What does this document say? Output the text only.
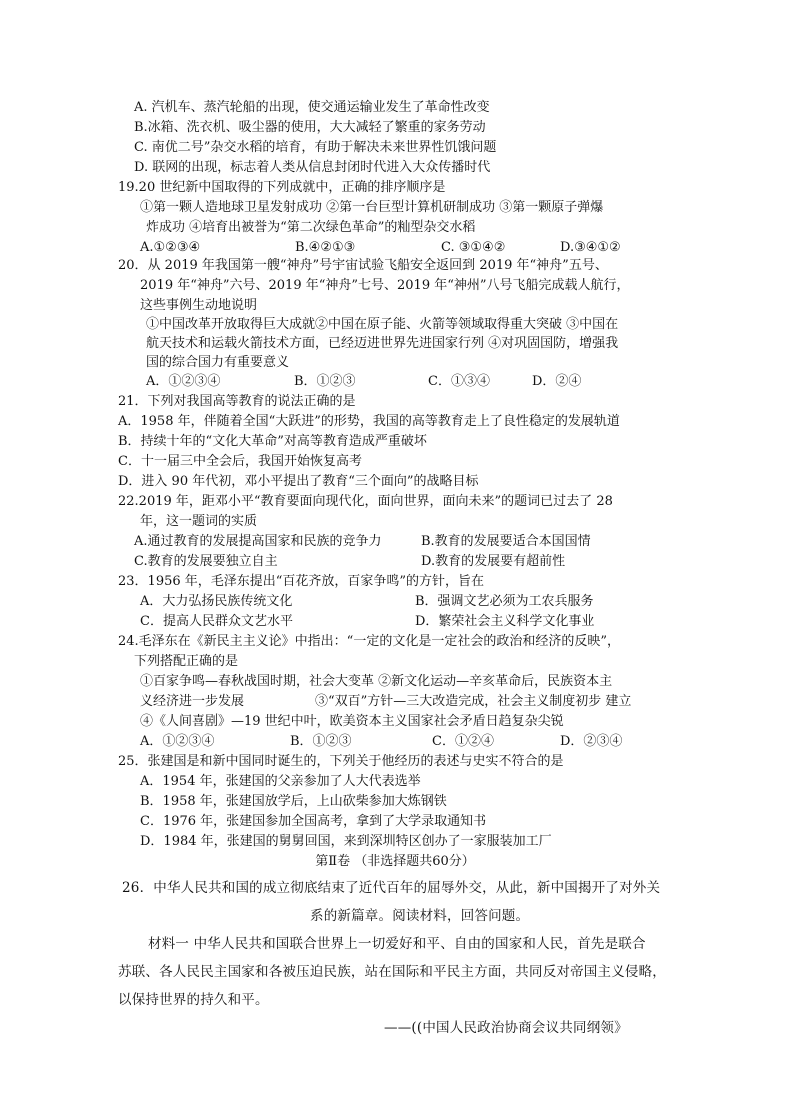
A. 汽机车、蒸汽轮船的出现，使交通运输业发生了革命性改变
B.冰箱、洗衣机、吸尘器的使用，大大减轻了繁重的家务劳动
C. 南优二号”杂交水稻的培育，有助于解决未来世界性饥饿问题
D. 联网的出现，标志着人类从信息封闭时代进入大众传播时代
19.20 世纪新中国取得的下列成就中，正确的排序顺序是
①第一颗人造地球卫星发射成功 ②第一台巨型计算机研制成功 ③第一颗原子弹爆
炸成功 ④培育出被誉为“第二次绿色革命”的籼型杂交水稻
A.①②③④	B.④②①③	C. ③①④②	D.③④①②
20．从 2019 年我国第一艘“神舟”号宇宙试验飞船安全返回到 2019 年“神舟”五号、
2019 年“神舟”六号、2019 年“神舟”七号、2019 年“神州”八号飞船完成载人航行，
这些事例生动地说明
①中国改革开放取得巨大成就②中国在原子能、火箭等领域取得重大突破 ③中国在
航天技术和运载火箭技术方面，已经迈进世界先进国家行列 ④对巩固国防，增强我
国的综合国力有重要意义
A．①②③④	B．①②③	C．①③④	D．②④
21．下列对我国高等教育的说法正确的是
A．1958 年，伴随着全国“大跃进”的形势，我国的高等教育走上了良性稳定的发展轨道
B．持续十年的“文化大革命”对高等教育造成严重破坏
C．十一届三中全会后，我国开始恢复高考
D．进入 90 年代初，邓小平提出了教育“三个面向”的战略目标
22.2019 年，距邓小平“教育要面向现代化，面向世界，面向未来”的题词已过去了 28
年，这一题词的实质
A.通过教育的发展提高国家和民族的竞争力	B.教育的发展要适合本国国情
C.教育的发展要独立自主	D.教育的发展要有超前性
23．1956 年，毛泽东提出“百花齐放，百家争鸣”的方针，旨在
A．大力弘扬民族传统文化	B．强调文艺必须为工农兵服务
C．提高人民群众文艺水平	D．繁荣社会主义科学文化事业
24.毛泽东在《新民主主义论》中指出：“一定的文化是一定社会的政治和经济的反映”，
下列搭配正确的是
①百家争鸣—春秋战国时期，社会大变革 ②新文化运动—辛亥革命后，民族资本主
义经济进一步发展	③“双百”方针—三大改造完成，社会主义制度初步 建立
④《人间喜剧》—19 世纪中叶，欧美资本主义国家社会矛盾日趋复杂尖锐
A．①②③④	B．①②③	C．①②④	D．②③④
25．张建国是和新中国同时诞生的，下列关于他经历的表述与史实不符合的是
A．1954 年，张建国的父亲参加了人大代表选举
B．1958 年，张建国放学后，上山砍柴参加大炼钢铁
C．1976 年，张建国参加全国高考，拿到了大学录取通知书
D．1984 年，张建国的舅舅回国，来到深圳特区创办了一家服装加工厂
第Ⅱ卷 （非选择题共60分）
26．中华人民共和国的成立彻底结束了近代百年的屈辱外交，从此，新中国揭开了对外关
系的新篇章。阅读材料，回答问题。
材料一 中华人民共和国联合世界上一切爱好和平、自由的国家和人民，首先是联合
苏联、各人民民主国家和各被压迫民族，站在国际和平民主方面，共同反对帝国主义侵略，
以保持世界的持久和平。
——((中国人民政治协商会议共同纲领》
